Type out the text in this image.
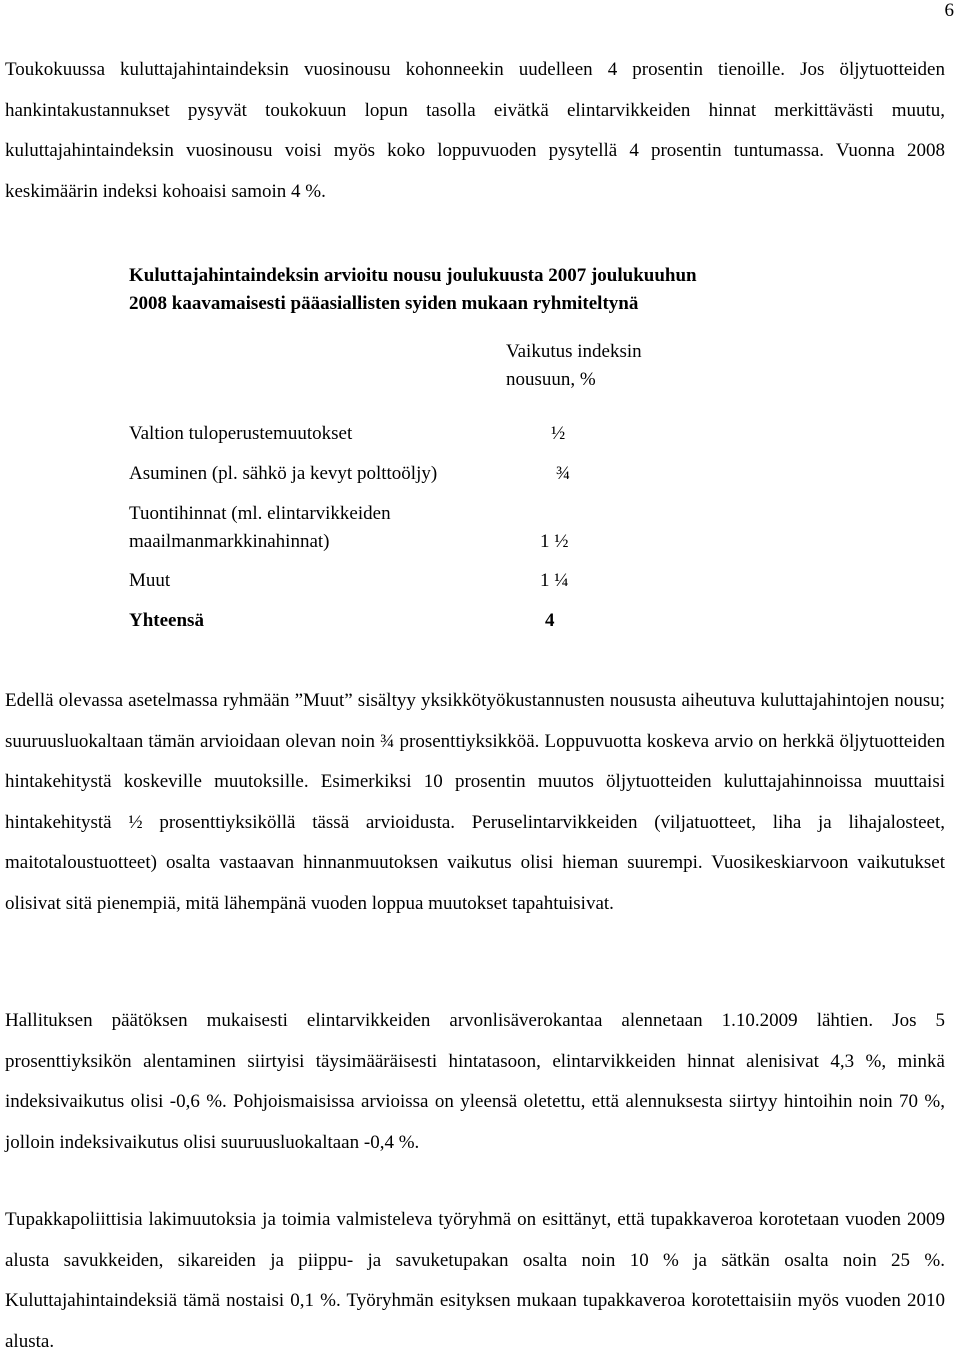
6

Toukokuussa kuluttajahintaindeksin vuosinousu kohonneekin uudelleen 4 prosentin tienoille. Jos öljytuotteiden hankintakustannukset pysyvät toukokuun lopun tasolla eivätkä elintarvikkeiden hinnat merkittävästi muutu, kuluttajahintaindeksin vuosinousu voisi myös koko loppuvuoden pysytellä 4 prosentin tuntumassa. Vuonna 2008 keskimäärin indeksi kohoaisi samoin 4 %.

Kuluttajahintaindeksin arvioitu nousu joulukuusta 2007 joulukuuhun
2008 kaavamaisesti pääasiallisten syiden mukaan ryhmiteltynä
Vaikutus indeksin
nousuun, %
Valtion tuloperustemuutokset	½
Asuminen (pl. sähkö ja kevyt polttoöljy)	¾
Tuontihinnat (ml. elintarvikkeiden
maailmanmarkkinahinnat)	1 ½
Muut	1 ¼
Yhteensä	4

Edellä olevassa asetelmassa ryhmään ”Muut” sisältyy yksikkötyökustannusten noususta aiheutuva kuluttajahintojen nousu; suuruusluokaltaan tämän arvioidaan olevan noin ¾ prosenttiyksikköä. Loppuvuotta koskeva arvio on herkkä öljytuotteiden hintakehitystä koskeville muutoksille. Esimerkiksi 10 prosentin muutos öljytuotteiden kuluttajahinnoissa muuttaisi hintakehitystä ½ prosenttiyksiköllä tässä arvioidusta. Peruselintarvikkeiden (viljatuotteet, liha ja lihajalosteet, maitotaloustuotteet) osalta vastaavan hinnanmuutoksen vaikutus olisi hieman suurempi. Vuosikeskiarvoon vaikutukset olisivat sitä pienempiä, mitä lähempänä vuoden loppua muutokset tapahtuisivat.

Hallituksen päätöksen mukaisesti elintarvikkeiden arvonlisäverokantaa alennetaan 1.10.2009 lähtien. Jos 5 prosenttiyksikön alentaminen siirtyisi täysimääräisesti hintatasoon, elintarvikkeiden hinnat alenisivat 4,3 %, minkä indeksivaikutus olisi -0,6 %. Pohjoismaisissa arvioissa on yleensä oletettu, että alennuksesta siirtyy hintoihin noin 70 %, jolloin indeksivaikutus olisi suuruusluokaltaan -0,4 %.

Tupakkapoliittisia lakimuutoksia ja toimia valmisteleva työryhmä on esittänyt, että tupakkaveroa korotetaan vuoden 2009 alusta savukkeiden, sikareiden ja piippu- ja savuketupakan osalta noin 10 % ja sätkän osalta noin 25 %. Kuluttajahintaindeksiä tämä nostaisi 0,1 %. Työryhmän esityksen mukaan tupakkaveroa korotettaisiin myös vuoden 2010 alusta.
